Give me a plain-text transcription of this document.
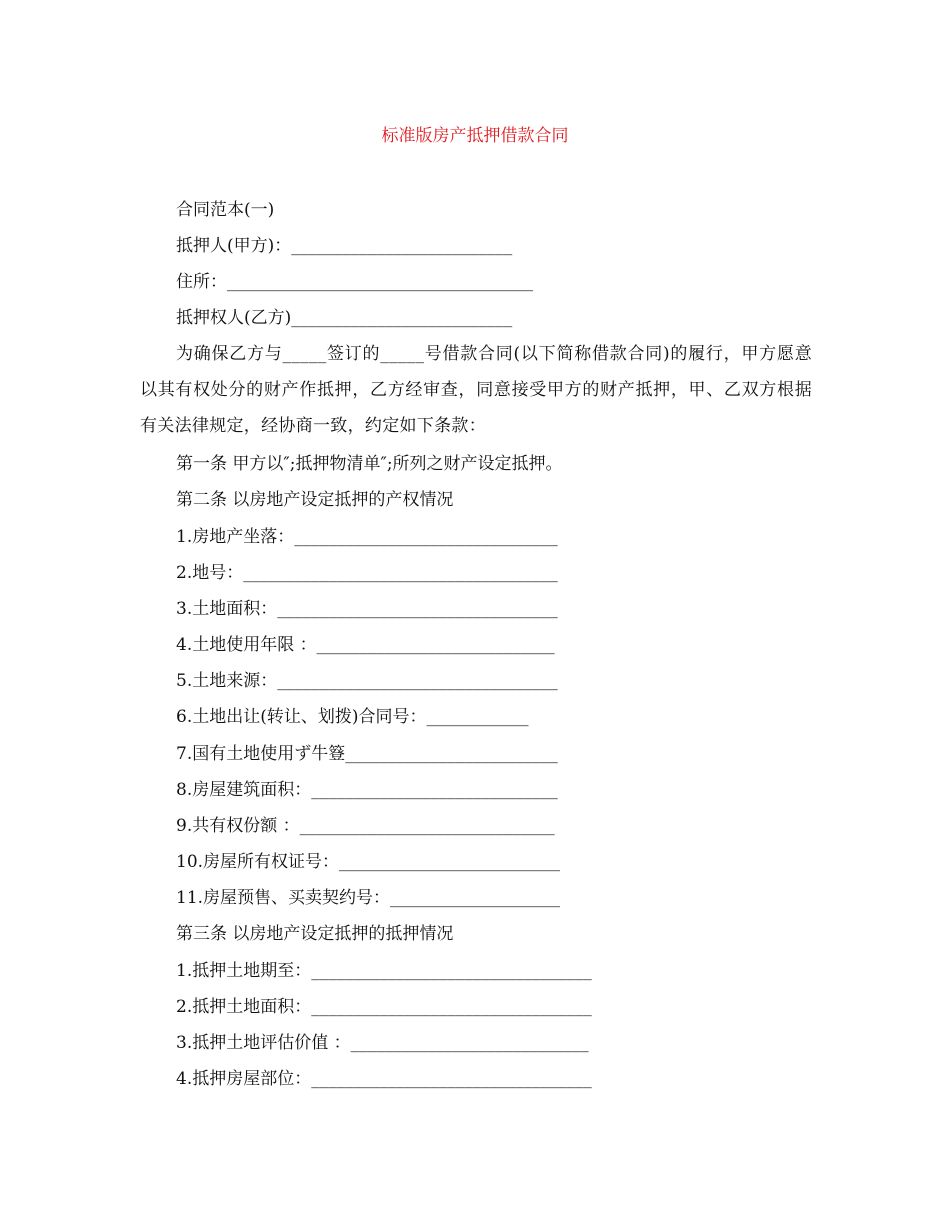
标准版房产抵押借款合同
合同范本(一)
抵押人(甲方)：__________________________
住所：____________________________________
抵押权人(乙方)__________________________
为确保乙方与_____签订的_____号借款合同(以下简称借款合同)的履行，甲方愿意以其有权处分的财产作抵押，乙方经审查，同意接受甲方的财产抵押，甲、乙双方根据有关法律规定，经协商一致，约定如下条款：
第一条 甲方以″;抵押物清单″;所列之财产设定抵押。
第二条 以房地产设定抵押的产权情况
1.房地产坐落：_______________________________
2.地号：_____________________________________
3.土地面积：_________________________________
4.土地使用年限 ：____________________________
5.土地来源：_________________________________
6.土地出让(转让、划拨)合同号：____________
7.国有土地使用ず牛簦_________________________
8.房屋建筑面积：_____________________________
9.共有权份额 ：______________________________
10.房屋所有权证号：__________________________
11.房屋预售、买卖契约号：____________________
第三条 以房地产设定抵押的抵押情况
1.抵押土地期至：_________________________________
2.抵押土地面积：_________________________________
3.抵押土地评估价值 ：____________________________
4.抵押房屋部位：_________________________________
